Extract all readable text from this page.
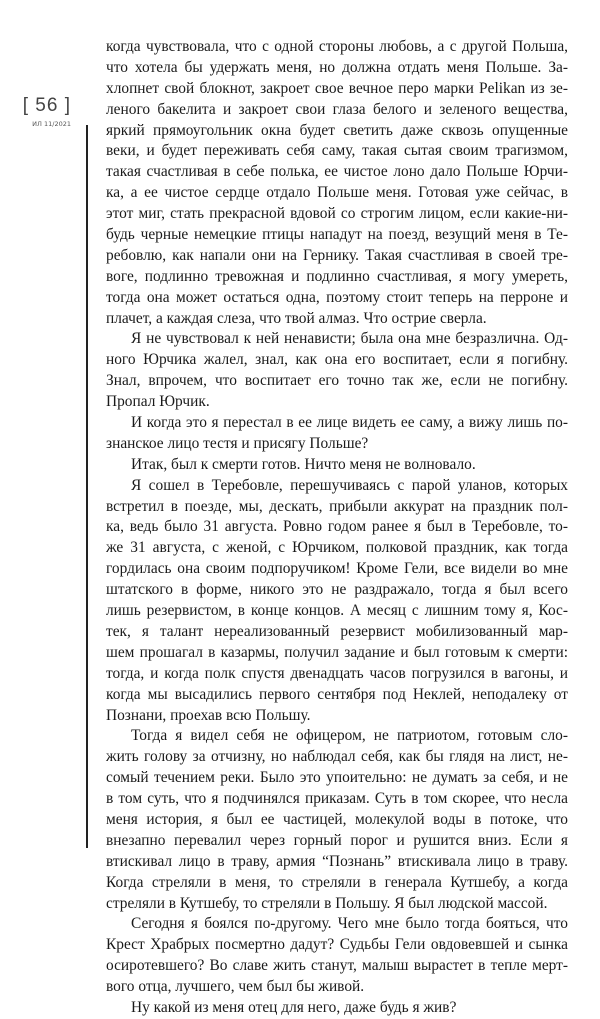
[ 56 ]
ИЛ 11/2021
когда чувствовала, что с одной стороны любовь, а с другой Польша,
что хотела бы удержать меня, но должна отдать меня Польше. За-
хлопнет свой блокнот, закроет свое вечное перо марки Pelikan из зе-
леного бакелита и закроет свои глаза белого и зеленого вещества,
яркий прямоугольник окна будет светить даже сквозь опущенные
веки, и будет переживать себя саму, такая сытая своим трагизмом,
такая счастливая в себе полька, ее чистое лоно дало Польше Юрчи-
ка, а ее чистое сердце отдало Польше меня. Готовая уже сейчас, в
этот миг, стать прекрасной вдовой со строгим лицом, если какие-ни-
будь черные немецкие птицы нападут на поезд, везущий меня в Те-
ребовлю, как напали они на Гернику. Такая счастливая в своей тре-
воге, подлинно тревожная и подлинно счастливая, я могу умереть,
тогда она может остаться одна, поэтому стоит теперь на перроне и
плачет, а каждая слеза, что твой алмаз. Что острие сверла.
Я не чувствовал к ней ненависти; была она мне безразлична. Од-
ного Юрчика жалел, знал, как она его воспитает, если я погибну.
Знал, впрочем, что воспитает его точно так же, если не погибну.
Пропал Юрчик.
И когда это я перестал в ее лице видеть ее саму, а вижу лишь по-
знанское лицо тестя и присягу Польше?
Итак, был к смерти готов. Ничто меня не волновало.
Я сошел в Теребовле, перешучиваясь с парой уланов, которых
встретил в поезде, мы, дескать, прибыли аккурат на праздник пол-
ка, ведь было 31 августа. Ровно годом ранее я был в Теребовле, то-
же 31 августа, с женой, с Юрчиком, полковой праздник, как тогда
гордилась она своим подпоручиком! Кроме Гели, все видели во мне
штатского в форме, никого это не раздражало, тогда я был всего
лишь резервистом, в конце концов. А месяц с лишним тому я, Кос-
тек, я талант нереализованный резервист мобилизованный мар-
шем прошагал в казармы, получил задание и был готовым к смерти:
тогда, и когда полк спустя двенадцать часов погрузился в вагоны, и
когда мы высадились первого сентября под Неклей, неподалеку от
Познани, проехав всю Польшу.
Тогда я видел себя не офицером, не патриотом, готовым сло-
жить голову за отчизну, но наблюдал себя, как бы глядя на лист, не-
сомый течением реки. Было это упоительно: не думать за себя, и не
в том суть, что я подчинялся приказам. Суть в том скорее, что несла
меня история, я был ее частицей, молекулой воды в потоке, что
внезапно перевалил через горный порог и рушится вниз. Если я
втискивал лицо в траву, армия “Познань” втискивала лицо в траву.
Когда стреляли в меня, то стреляли в генерала Кутшебу, а когда
стреляли в Кутшебу, то стреляли в Польшу. Я был людской массой.
Сегодня я боялся по-другому. Чего мне было тогда бояться, что
Крест Храбрых посмертно дадут? Судьбы Гели овдовевшей и сынка
осиротевшего? Во славе жить станут, малыш вырастет в тепле мерт-
вого отца, лучшего, чем был бы живой.
Ну какой из меня отец для него, даже будь я жив?
